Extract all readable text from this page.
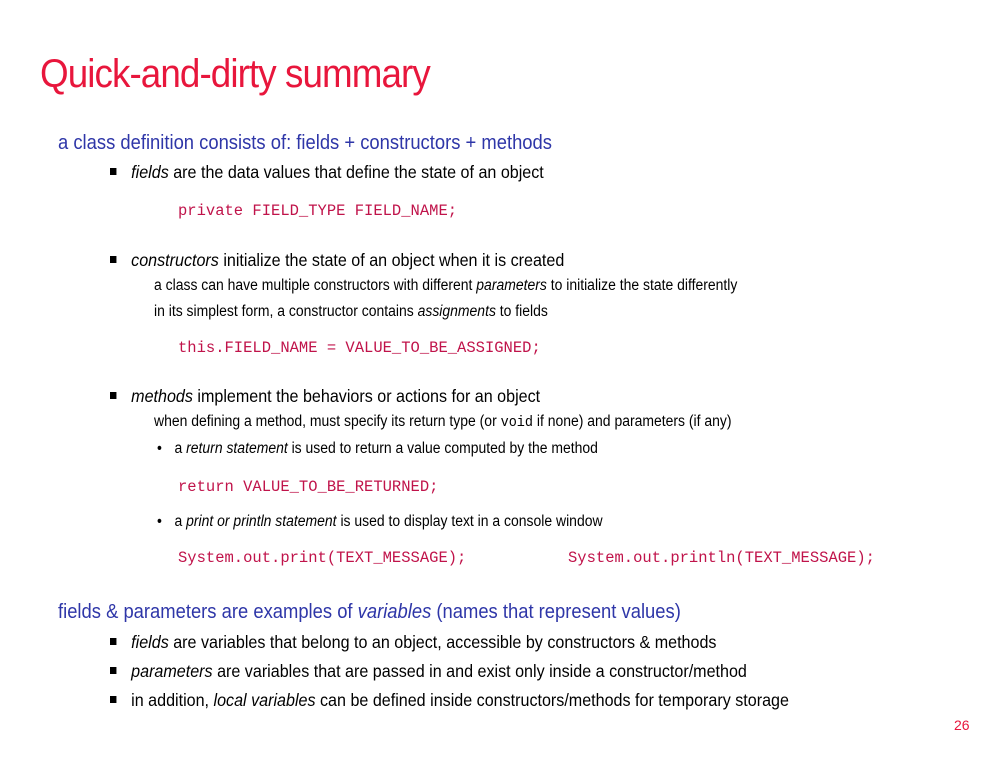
Quick-and-dirty summary
a class definition consists of: fields + constructors + methods
fields are the data values that define the state of an object
private FIELD_TYPE FIELD_NAME;
constructors initialize the state of an object when it is created
a class can have multiple constructors with different parameters to initialize the state differently
in its simplest form, a constructor contains assignments to fields
this.FIELD_NAME = VALUE_TO_BE_ASSIGNED;
methods implement the behaviors or actions for an object
when defining a method, must specify its return type (or void if none) and parameters (if any)
• a return statement is used to return a value computed by the method
return VALUE_TO_BE_RETURNED;
• a print or println statement is used to display text in a console window
System.out.print(TEXT_MESSAGE);	System.out.println(TEXT_MESSAGE);
fields & parameters are examples of variables (names that represent values)
fields are variables that belong to an object, accessible by constructors & methods
parameters are variables that are passed in and exist only inside a constructor/method
in addition, local variables can be defined inside constructors/methods for temporary storage
26
